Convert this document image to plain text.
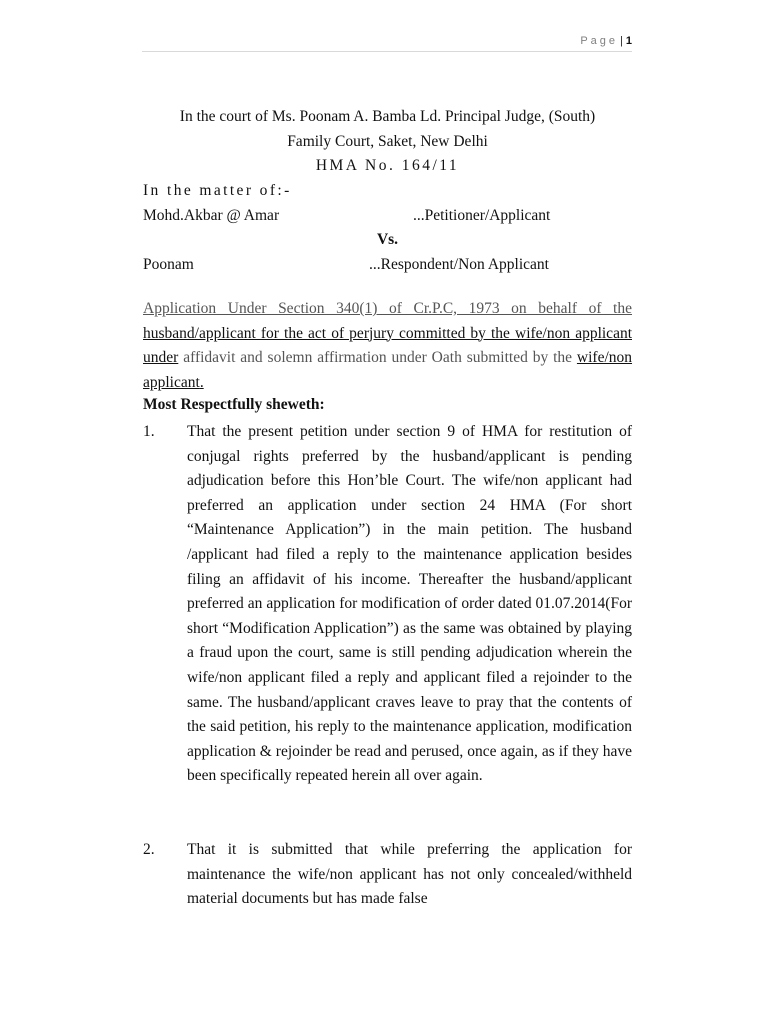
Page | 1
In the court of Ms. Poonam A. Bamba Ld. Principal Judge, (South)
Family Court, Saket, New Delhi
HMA No. 164/11
In the matter of:-
Mohd.Akbar @ Amar	...Petitioner/Applicant
Vs.
Poonam	...Respondent/Non Applicant
Application Under Section 340(1) of Cr.P.C, 1973 on behalf of the husband/applicant for the act of perjury committed by the wife/non applicant under affidavit and solemn affirmation under Oath submitted by the wife/non applicant.
Most Respectfully sheweth:
1. That the present petition under section 9 of HMA for restitution of conjugal rights preferred by the husband/applicant is pending adjudication before this Hon’ble Court. The wife/non applicant had preferred an application under section 24 HMA (For short “Maintenance Application”) in the main petition. The husband /applicant had filed a reply to the maintenance application besides filing an affidavit of his income. Thereafter the husband/applicant preferred an application for modification of order dated 01.07.2014(For short “Modification Application”) as the same was obtained by playing a fraud upon the court, same is still pending adjudication wherein the wife/non applicant filed a reply and applicant filed a rejoinder to the same. The husband/applicant craves leave to pray that the contents of the said petition, his reply to the maintenance application, modification application & rejoinder be read and perused, once again, as if they have been specifically repeated herein all over again.
2. That it is submitted that while preferring the application for maintenance the wife/non applicant has not only concealed/withheld material documents but has made false
